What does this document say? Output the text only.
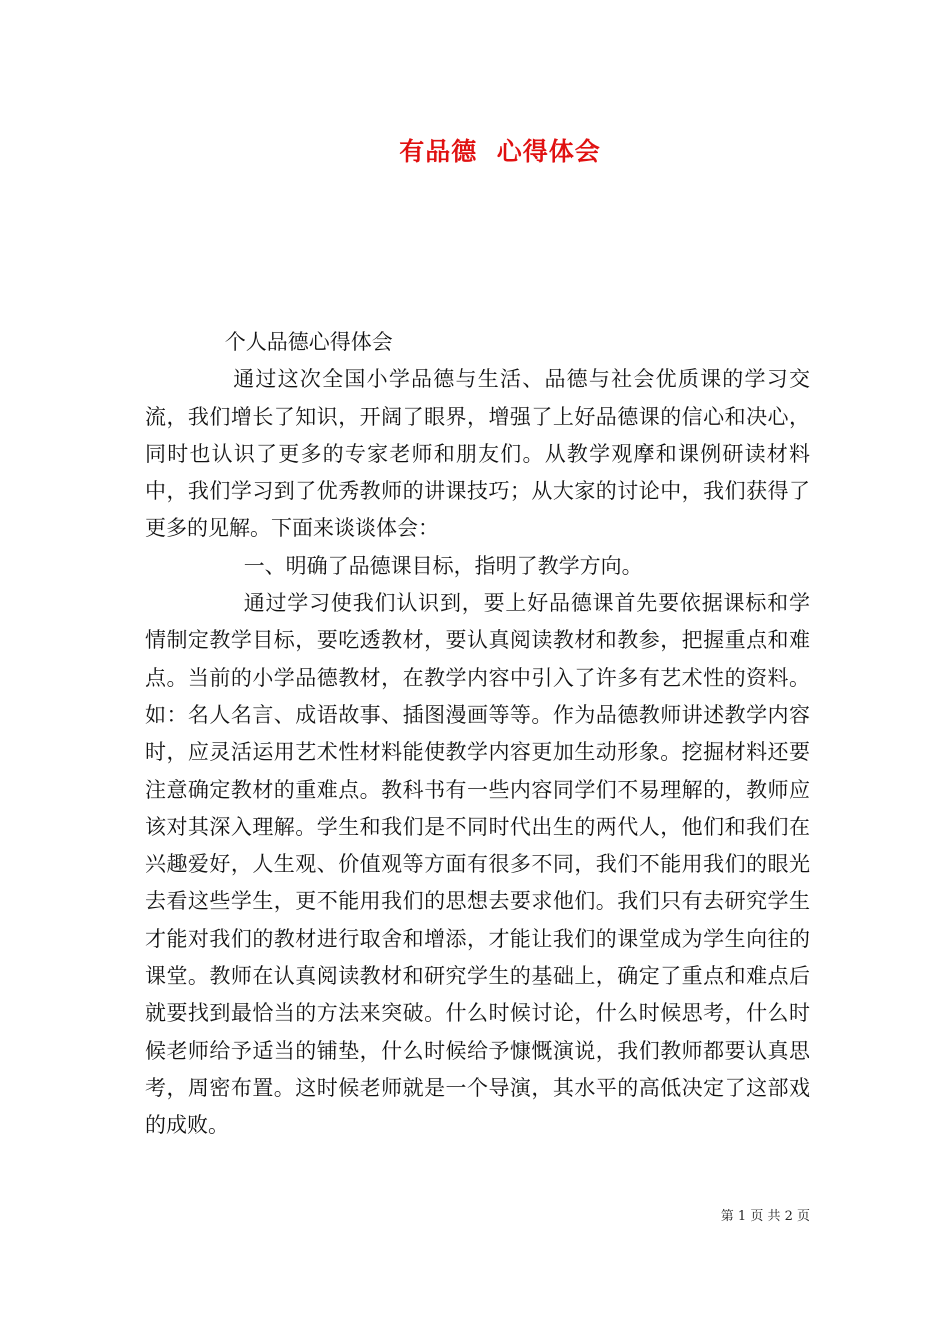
有品德  心得体会

个人品德心得体会

通过这次全国小学品德与生活、品德与社会优质课的学习交流，我们增长了知识，开阔了眼界，增强了上好品德课的信心和决心，同时也认识了更多的专家老师和朋友们。从教学观摩和课例研读材料中，我们学习到了优秀教师的讲课技巧；从大家的讨论中，我们获得了更多的见解。下面来谈谈体会：

一、明确了品德课目标，指明了教学方向。

通过学习使我们认识到，要上好品德课首先要依据课标和学情制定教学目标，要吃透教材，要认真阅读教材和教参，把握重点和难点。当前的小学品德教材，在教学内容中引入了许多有艺术性的资料。如：名人名言、成语故事、插图漫画等等。作为品德教师讲述教学内容时，应灵活运用艺术性材料能使教学内容更加生动形象。挖掘材料还要注意确定教材的重难点。教科书有一些内容同学们不易理解的，教师应该对其深入理解。学生和我们是不同时代出生的两代人，他们和我们在兴趣爱好，人生观、价值观等方面有很多不同，我们不能用我们的眼光去看这些学生，更不能用我们的思想去要求他们。我们只有去研究学生才能对我们的教材进行取舍和增添，才能让我们的课堂成为学生向往的课堂。教师在认真阅读教材和研究学生的基础上，确定了重点和难点后就要找到最恰当的方法来突破。什么时候讨论，什么时候思考，什么时候老师给予适当的铺垫，什么时候给予慷慨演说，我们教师都要认真思考，周密布置。这时候老师就是一个导演，其水平的高低决定了这部戏的成败。

第 1 页 共 2 页
